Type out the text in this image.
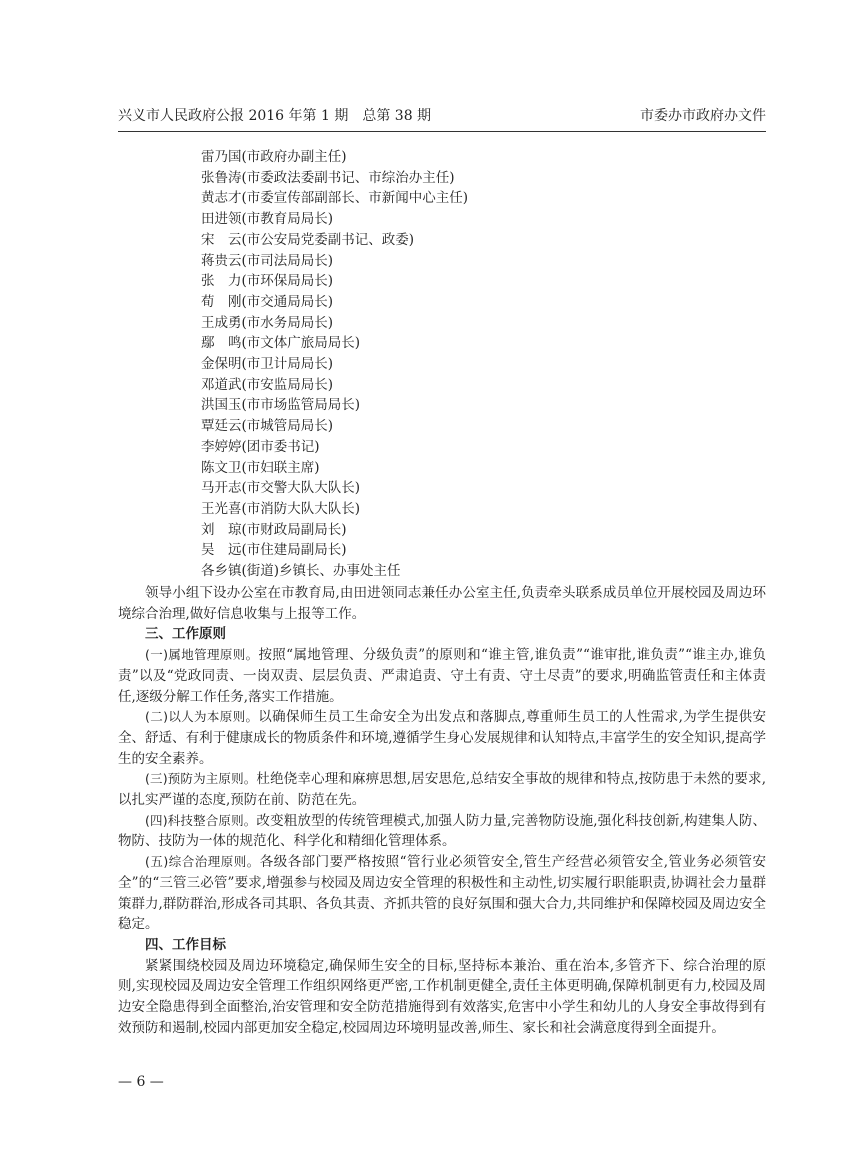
兴义市人民政府公报 2016 年第 1 期　总第 38 期	市委办市政府办文件
雷乃国(市政府办副主任)
张鲁涛(市委政法委副书记、市综治办主任)
黄志才(市委宣传部副部长、市新闻中心主任)
田进领(市教育局局长)
宋　云(市公安局党委副书记、政委)
蒋贵云(市司法局局长)
张　力(市环保局局长)
荀　刚(市交通局局长)
王成勇(市水务局局长)
鄢　鸣(市文体广旅局局长)
金保明(市卫计局局长)
邓道武(市安监局局长)
洪国玉(市市场监管局局长)
覃廷云(市城管局局长)
李婷婷(团市委书记)
陈文卫(市妇联主席)
马开志(市交警大队大队长)
王光喜(市消防大队大队长)
刘　琼(市财政局副局长)
吴　远(市住建局副局长)
各乡镇(街道)乡镇长、办事处主任

领导小组下设办公室在市教育局,由田进领同志兼任办公室主任,负责牵头联系成员单位开展校园及周边环境综合治理,做好信息收集与上报等工作。

三、工作原则

(一)属地管理原则。按照“属地管理、分级负责”的原则和“谁主管,谁负责”“谁审批,谁负责”“谁主办,谁负责”以及“党政同责、一岗双责、层层负责、严肃追责、守土有责、守土尽责”的要求,明确监管责任和主体责任,逐级分解工作任务,落实工作措施。

(二)以人为本原则。以确保师生员工生命安全为出发点和落脚点,尊重师生员工的人性需求,为学生提供安全、舒适、有利于健康成长的物质条件和环境,遵循学生身心发展规律和认知特点,丰富学生的安全知识,提高学生的安全素养。

(三)预防为主原则。杜绝侥幸心理和麻痹思想,居安思危,总结安全事故的规律和特点,按防患于未然的要求,以扎实严谨的态度,预防在前、防范在先。

(四)科技整合原则。改变粗放型的传统管理模式,加强人防力量,完善物防设施,强化科技创新,构建集人防、物防、技防为一体的规范化、科学化和精细化管理体系。

(五)综合治理原则。各级各部门要严格按照“管行业必须管安全,管生产经营必须管安全,管业务必须管安全”的“三管三必管”要求,增强参与校园及周边安全管理的积极性和主动性,切实履行职能职责,协调社会力量群策群力,群防群治,形成各司其职、各负其责、齐抓共管的良好氛围和强大合力,共同维护和保障校园及周边安全稳定。

四、工作目标

紧紧围绕校园及周边环境稳定,确保师生安全的目标,坚持标本兼治、重在治本,多管齐下、综合治理的原则,实现校园及周边安全管理工作组织网络更严密,工作机制更健全,责任主体更明确,保障机制更有力,校园及周边安全隐患得到全面整治,治安管理和安全防范措施得到有效落实,危害中小学生和幼儿的人身安全事故得到有效预防和遏制,校园内部更加安全稳定,校园周边环境明显改善,师生、家长和社会满意度得到全面提升。

— 6 —
